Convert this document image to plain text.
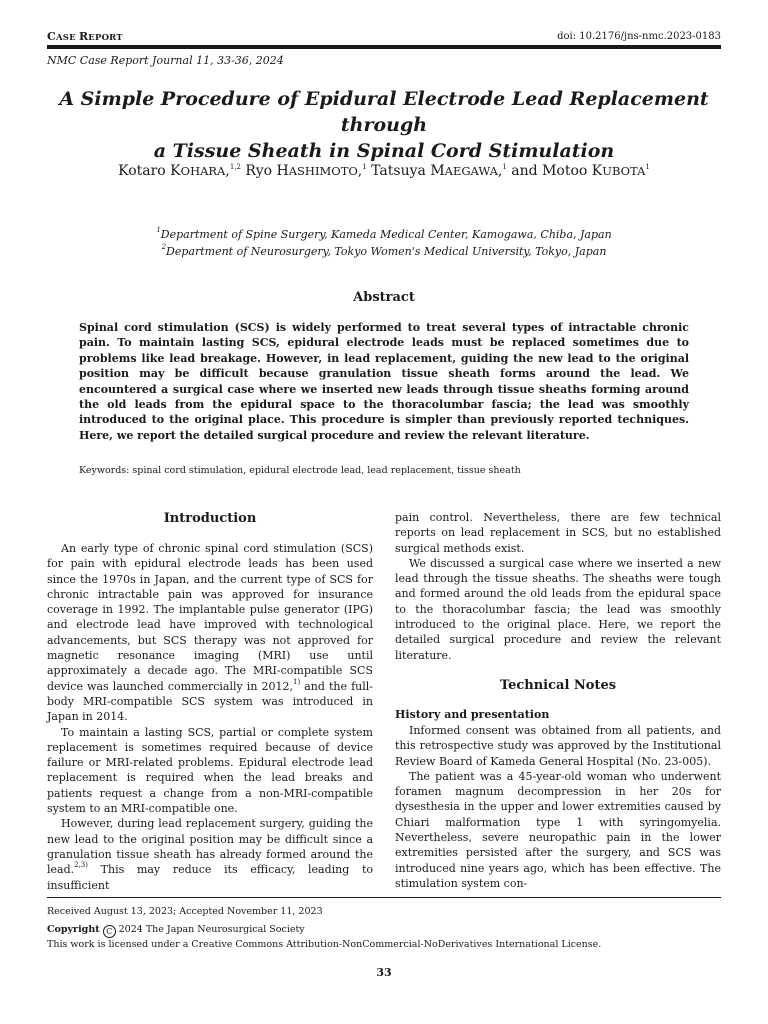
CASE REPORT	doi: 10.2176/jns-nmc.2023-0183
NMC Case Report Journal 11, 33-36, 2024
A Simple Procedure of Epidural Electrode Lead Replacement through
a Tissue Sheath in Spinal Cord Stimulation
Kotaro KOHARA,$^{1,2}$ Ryo HASHIMOTO,$^1$ Tatsuya MAEGAWA,$^1$ and Motoo KUBOTA$^1$
$^1$Department of Spine Surgery, Kameda Medical Center, Kamogawa, Chiba, Japan
$^2$Department of Neurosurgery, Tokyo Women's Medical University, Tokyo, Japan
Abstract

Spinal cord stimulation (SCS) is widely performed to treat several types of intractable chronic pain. To maintain lasting SCS, epidural electrode leads must be replaced sometimes due to problems like lead breakage. However, in lead replacement, guiding the new lead to the original position may be difficult because granulation tissue sheath forms around the lead. We encountered a surgical case where we inserted new leads through tissue sheaths forming around the old leads from the epidural space to the thoracolumbar fascia; the lead was smoothly introduced to the original place. This procedure is simpler than previously reported techniques. Here, we report the detailed surgical procedure and review the relevant literature.

Keywords: spinal cord stimulation, epidural electrode lead, lead replacement, tissue sheath
Introduction

An early type of chronic spinal cord stimulation (SCS) for pain with epidural electrode leads has been used since the 1970s in Japan, and the current type of SCS for chronic intractable pain was approved for insurance coverage in 1992. The implantable pulse generator (IPG) and electrode lead have improved with technological advancements, but SCS therapy was not approved for magnetic resonance imaging (MRI) use until approximately a decade ago. The MRI-compatible SCS device was launched commercially in 2012,$^{1)}$ and the full-body MRI-compatible SCS system was introduced in Japan in 2014.

To maintain a lasting SCS, partial or complete system replacement is sometimes required because of device failure or MRI-related problems. Epidural electrode lead replacement is required when the lead breaks and patients request a change from a non-MRI-compatible system to an MRI-compatible one.

However, during lead replacement surgery, guiding the new lead to the original position may be difficult since a granulation tissue sheath has already formed around the lead.$^{2,3)}$ This may reduce its efficacy, leading to insufficient

pain control. Nevertheless, there are few technical reports on lead replacement in SCS, but no established surgical methods exist.

We discussed a surgical case where we inserted a new lead through the tissue sheaths. The sheaths were tough and formed around the old leads from the epidural space to the thoracolumbar fascia; the lead was smoothly introduced to the original place. Here, we report the detailed surgical procedure and review the relevant literature.

Technical Notes
History and presentation

Informed consent was obtained from all patients, and this retrospective study was approved by the Institutional Review Board of Kameda General Hospital (No. 23-005).

The patient was a 45-year-old woman who underwent foramen magnum decompression in her 20s for dysesthesia in the upper and lower extremities caused by Chiari malformation type 1 with syringomyelia. Nevertheless, severe neuropathic pain in the lower extremities persisted after the surgery, and SCS was introduced nine years ago, which has been effective. The stimulation system con-

Received August 13, 2023; Accepted November 11, 2023
Copyright C 2024 The Japan Neurosurgical Society
This work is licensed under a Creative Commons Attribution-NonCommercial-NoDerivatives International License.
33
